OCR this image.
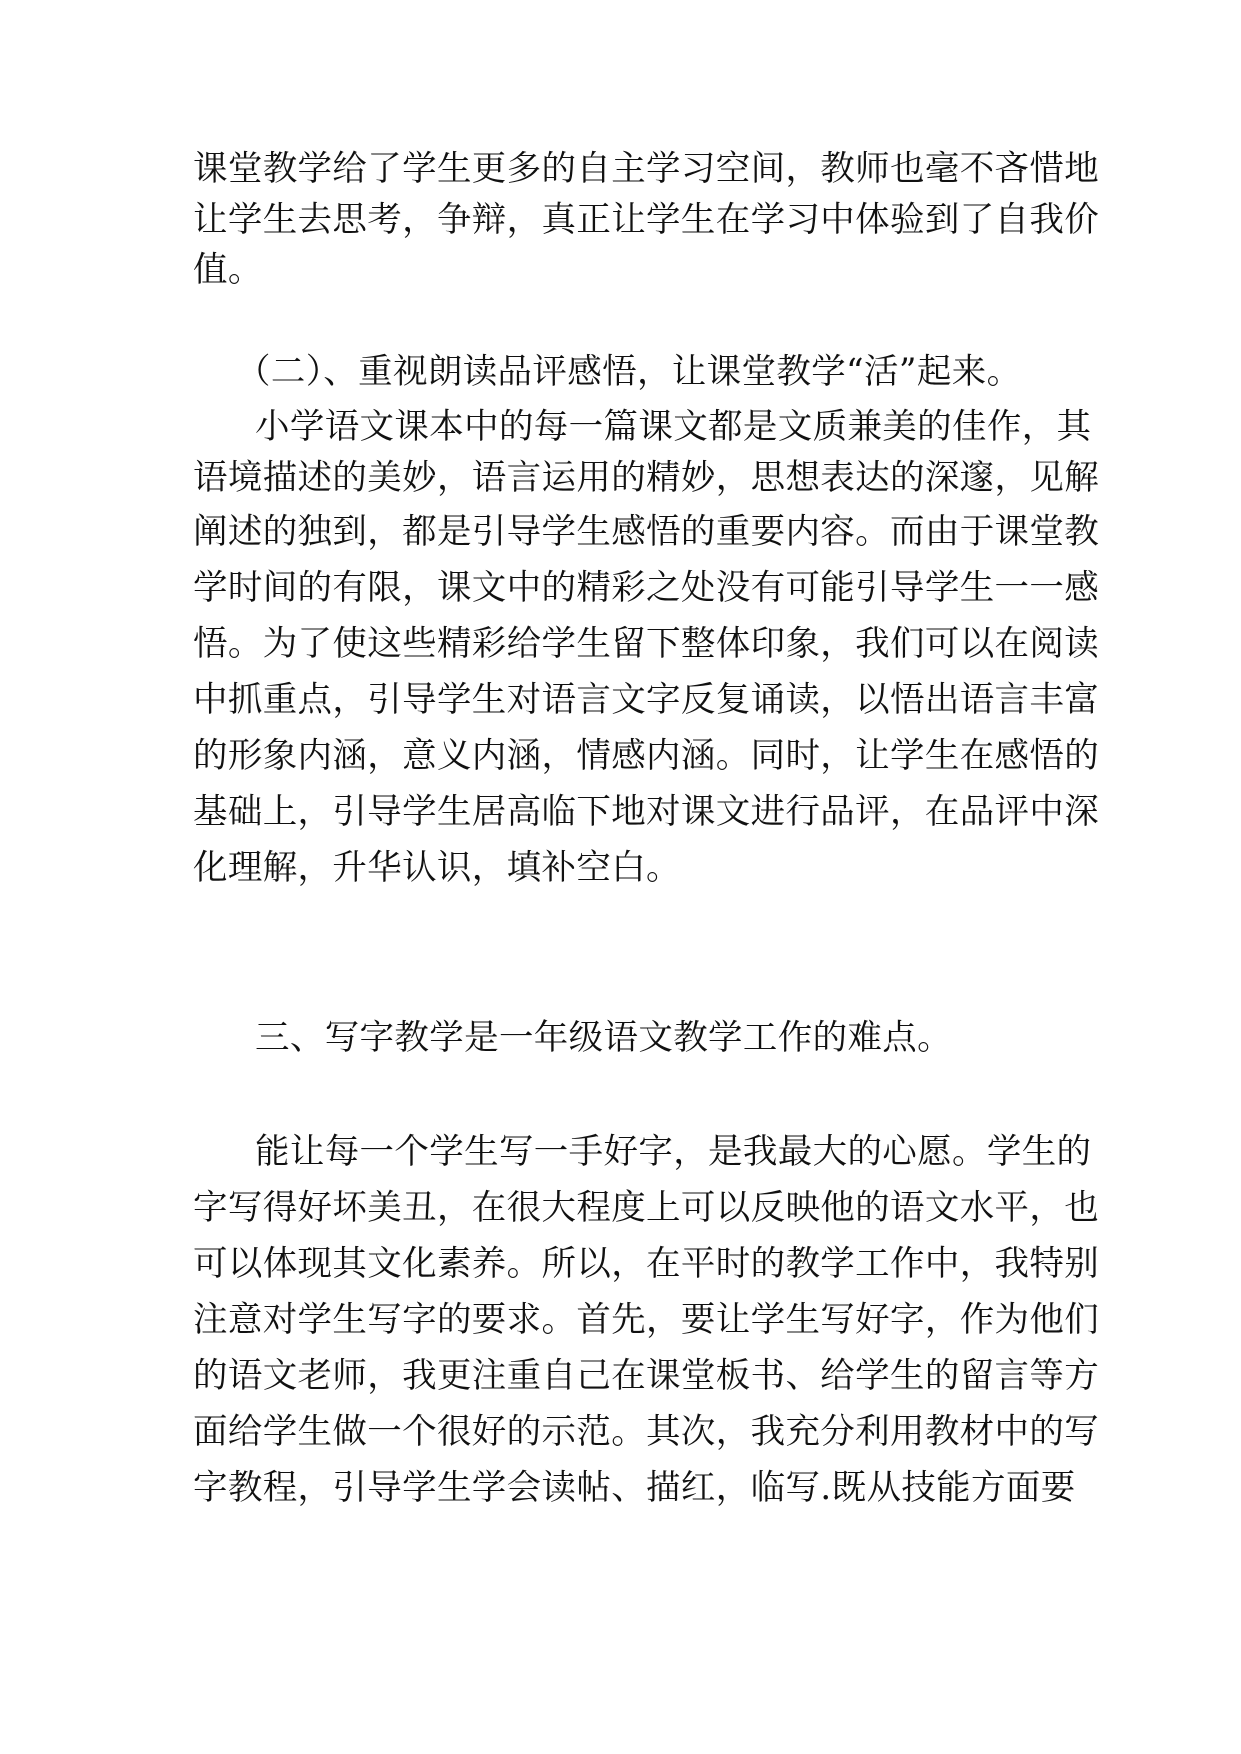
课堂教学给了学生更多的自主学习空间，教师也毫不吝惜地
让学生去思考，争辩，真正让学生在学习中体验到了自我价
值。
（二）、重视朗读品评感悟，让课堂教学“活”起来。
小学语文课本中的每一篇课文都是文质兼美的佳作，其
语境描述的美妙，语言运用的精妙，思想表达的深邃，见解
阐述的独到，都是引导学生感悟的重要内容。而由于课堂教
学时间的有限，课文中的精彩之处没有可能引导学生一一感
悟。为了使这些精彩给学生留下整体印象，我们可以在阅读
中抓重点，引导学生对语言文字反复诵读，以悟出语言丰富
的形象内涵，意义内涵，情感内涵。同时，让学生在感悟的
基础上，引导学生居高临下地对课文进行品评，在品评中深
化理解，升华认识，填补空白。
三、写字教学是一年级语文教学工作的难点。
能让每一个学生写一手好字，是我最大的心愿。学生的
字写得好坏美丑，在很大程度上可以反映他的语文水平，也
可以体现其文化素养。所以，在平时的教学工作中，我特别
注意对学生写字的要求。首先，要让学生写好字，作为他们
的语文老师，我更注重自己在课堂板书、给学生的留言等方
面给学生做一个很好的示范。其次，我充分利用教材中的写
字教程，引导学生学会读帖、描红，临写.既从技能方面要
